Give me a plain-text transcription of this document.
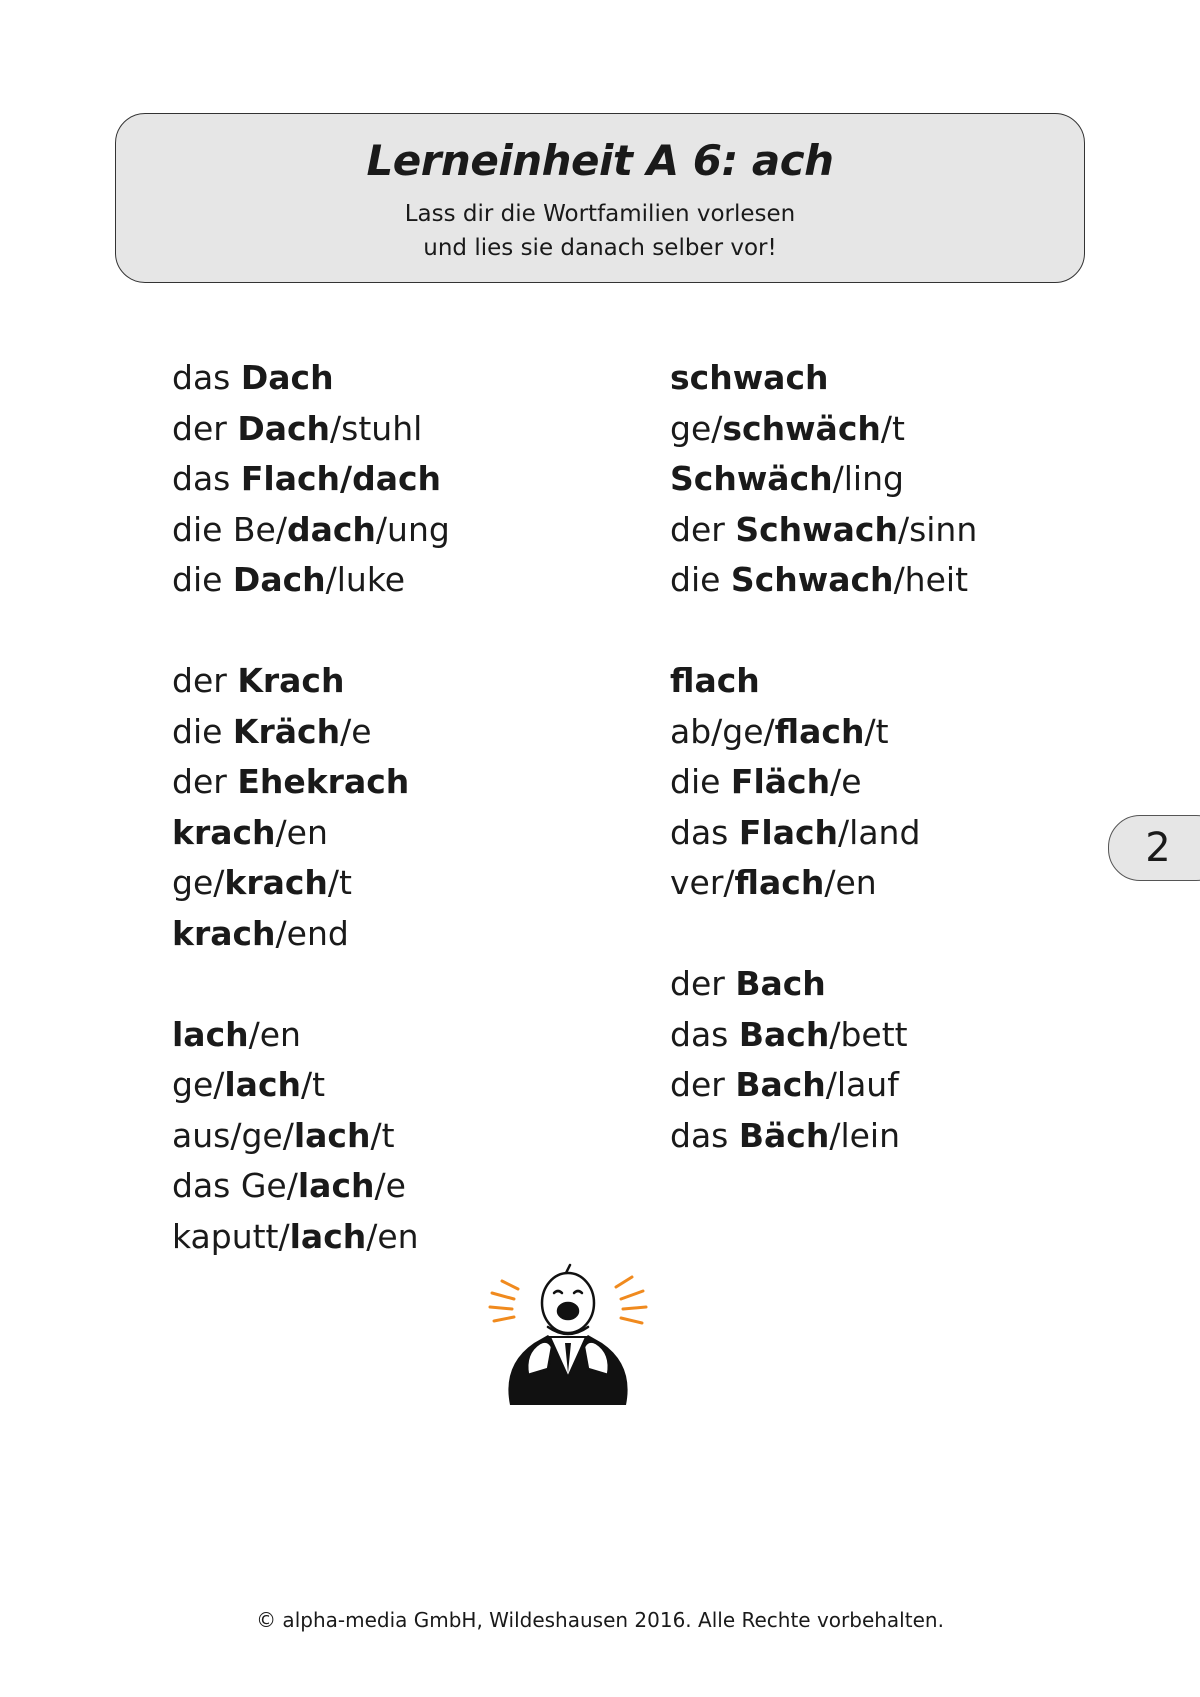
Lerneinheit A 6: ach
Lass dir die Wortfamilien vorlesen
und lies sie danach selber vor!
das Dach
der Dach/stuhl
das Flach/dach
die Be/dach/ung
die Dach/luke
der Krach
die Kräch/e
der Ehekrach
krach/en
ge/krach/t
krach/end
lach/en
ge/lach/t
aus/ge/lach/t
das Ge/lach/e
kaputt/lach/en
schwach
ge/schwäch/t
Schwäch/ling
der Schwach/sinn
die Schwach/heit
flach
ab/ge/flach/t
die Fläch/e
das Flach/land
ver/flach/en
der Bach
das Bach/bett
der Bach/lauf
das Bäch/lein
2
© alpha-media GmbH, Wildeshausen 2016. Alle Rechte vorbehalten.
